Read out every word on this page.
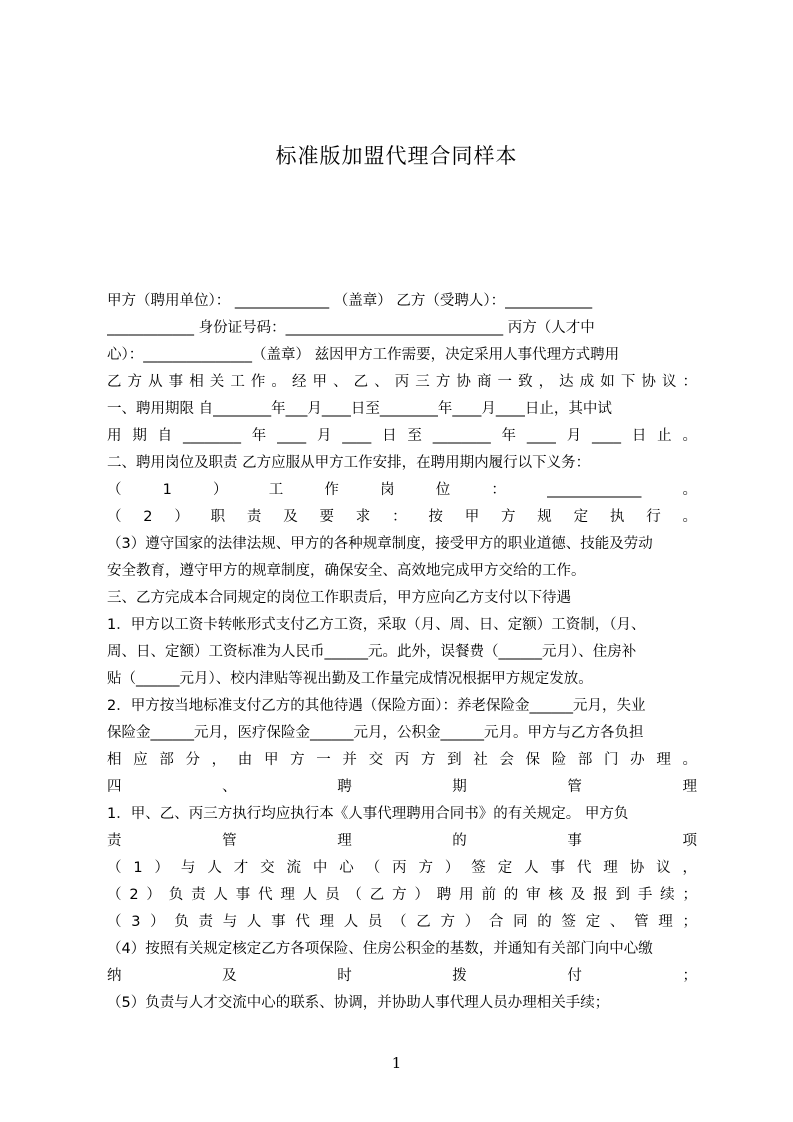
标准版加盟代理合同样本
甲方（聘用单位）： _____________ （盖章） 乙方（受聘人）：____________
____________ 身份证号码：______________________________ 丙方（人才中
心）：_______________（盖章） 兹因甲方工作需要，决定采用人事代理方式聘用
乙方从事相关工作。经甲、乙、丙三方协商一致，达成如下协议：
一、聘用期限 自________年___月____日至________年____月____日止，其中试
用期自________年____月____日至________年____月____日止。
二、聘用岗位及职责 乙方应服从甲方工作安排，在聘用期内履行以下义务：
（1）工作岗位：_____________。
（2）职责及要求：按甲方规定执行。
（3）遵守国家的法律法规、甲方的各种规章制度，接受甲方的职业道德、技能及劳动
安全教育，遵守甲方的规章制度，确保安全、高效地完成甲方交给的工作。
三、乙方完成本合同规定的岗位工作职责后，甲方应向乙方支付以下待遇
1．甲方以工资卡转帐形式支付乙方工资，采取（月、周、日、定额）工资制，（月、
周、日、定额）工资标准为人民币______元。此外，误餐费（______元月）、住房补
贴（______元月）、校内津贴等视出勤及工作量完成情况根据甲方规定发放。
2．甲方按当地标准支付乙方的其他待遇（保险方面）：养老保险金______元月，失业
保险金______元月，医疗保险金______元月，公积金______元月。甲方与乙方各负担
相应部分，由甲方一并交丙方到社会保险部门办理。
四、聘期管理
1．甲、乙、丙三方执行均应执行本《人事代理聘用合同书》的有关规定。 甲方负
责管理的事项
（1）与人才交流中心（丙方）签定人事代理协议，
（2）负责人事代理人员（乙方）聘用前的审核及报到手续；
（3）负责与人事代理人员（乙方）合同的签定、管理；
（4）按照有关规定核定乙方各项保险、住房公积金的基数，并通知有关部门向中心缴
纳及时拨付；
（5）负责与人才交流中心的联系、协调，并协助人事代理人员办理相关手续；
1
